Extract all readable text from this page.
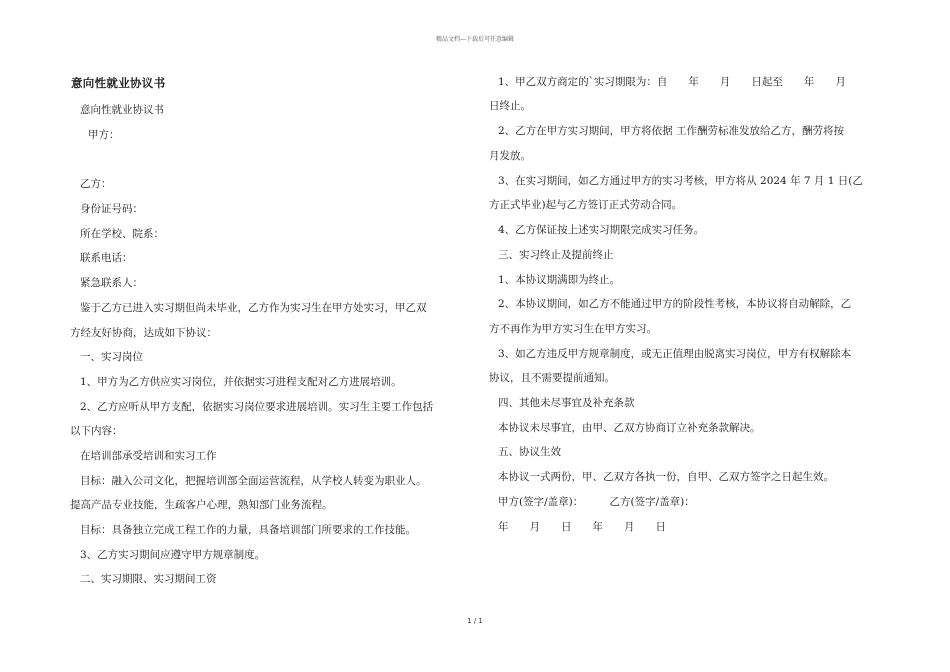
精品文档---下载后可任意编辑
意向性就业协议书
意向性就业协议书
甲方：
乙方：
身份证号码：
所在学校、院系：
联系电话：
紧急联系人：
鉴于乙方已进入实习期但尚未毕业，乙方作为实习生在甲方处实习，甲乙双
方经友好协商，达成如下协议：
一、实习岗位
1、甲方为乙方供应实习岗位，并依据实习进程支配对乙方进展培训。
2、乙方应听从甲方支配，依据实习岗位要求进展培训。实习生主要工作包括
以下内容：
在培训部承受培训和实习工作
目标：融入公司文化，把握培训部全面运营流程，从学校人转变为职业人。
提高产品专业技能，生疏客户心理，熟知部门业务流程。
目标：具备独立完成工程工作的力量，具备培训部门所要求的工作技能。
3、乙方实习期间应遵守甲方规章制度。
二、实习期限、实习期间工资
1、甲乙双方商定的`实习期限为：自　　年　　月　　日起至　　年　　月
日终止。
2、乙方在甲方实习期间，甲方将依据 工作酬劳标准发放给乙方，酬劳将按
月发放。
3、在实习期间，如乙方通过甲方的实习考核，甲方将从 2024 年 7 月 1 日(乙
方正式毕业)起与乙方签订正式劳动合同。
4、乙方保证按上述实习期限完成实习任务。
三、实习终止及提前终止
1、本协议期满即为终止。
2、本协议期间，如乙方不能通过甲方的阶段性考核，本协议将自动解除，乙
方不再作为甲方实习生在甲方实习。
3、如乙方违反甲方规章制度，或无正值理由脱离实习岗位，甲方有权解除本
协议，且不需要提前通知。
四、其他未尽事宜及补充条款
本协议未尽事宜，由甲、乙双方协商订立补充条款解决。
五、协议生效
本协议一式两份，甲、乙双方各执一份，自甲、乙双方签字之日起生效。
甲方(签字/盖章)：　　　乙方(签字/盖章)：
年　　月　　日　　年　　月　　日
1 / 1
